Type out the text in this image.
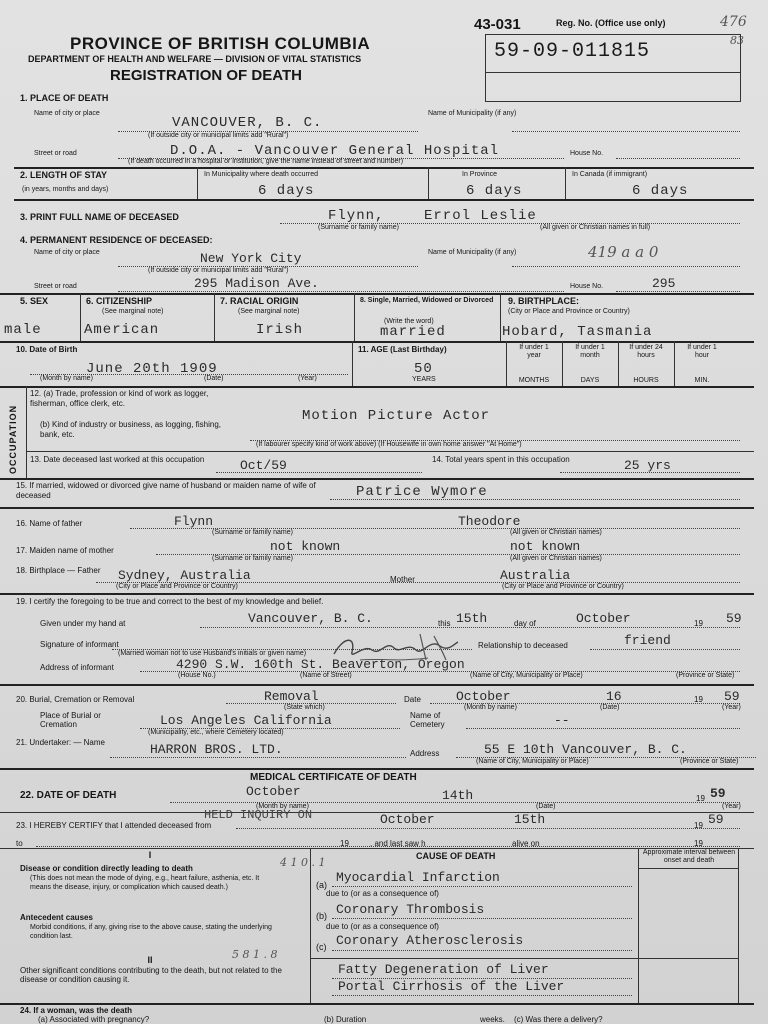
PROVINCE OF BRITISH COLUMBIA
DEPARTMENT OF HEALTH AND WELFARE — DIVISION OF VITAL STATISTICS
REGISTRATION OF DEATH
43-031	Reg. No. (Office use only)	476
83
59-09-011815
1. PLACE OF DEATH
Name of city or place
VANCOUVER, B. C.
(If outside city or municipal limits add "Rural")
Name of Municipality (if any)
Street or road	D.O.A. - Vancouver General Hospital
(If death occurred in a hospital or institution, give the name instead of street and number)
House No.
2. LENGTH OF STAY
(in years, months and days)
In Municipality where death occurred
6 days
In Province
6 days
In Canada (if immigrant)
6 days
3. PRINT FULL NAME OF DECEASED	Flynn,	Errol Leslie
(Surname or family name)	(All given or Christian names in full)
4. PERMANENT RESIDENCE OF DECEASED:
Name of city or place	New York City
(If outside city or municipal limits add "Rural")
Name of Municipality (if any)	419 a a 0
Street or road	295 Madison Ave.	House No.	295
5. SEX
male
6. CITIZENSHIP
(See marginal note)
American
7. RACIAL ORIGIN
(See marginal note)
Irish
8. Single, Married, Widowed or Divorced
(Write the word)
married
9. BIRTHPLACE:
(City or Place and Province or Country)
Hobard, Tasmania
10. Date of Birth
June 20th 1909
(Month by name)	(Date)	(Year)
11. AGE (Last Birthday)
50
YEARS
If under 1 year
If under 1 month
If under 24 hours
If under 1 hour
MONTHS	DAYS	HOURS	MIN.
OCCUPATION
12. (a) Trade, profession or kind of work as logger, fisherman, office clerk, etc.
(b) Kind of industry or business, as logging, fishing, bank, etc.
Motion Picture Actor
(If labourer specify kind of work above) (If Housewife in own home answer "At Home")
13. Date deceased last worked at this occupation	Oct/59	14. Total years spent in this occupation	25 yrs
15. If married, widowed or divorced give name of husband or maiden name of wife of deceased	Patrice Wymore
16. Name of father	Flynn	Theodore
(Surname or family name)	(All given or Christian names)
17. Maiden name of mother	not known	not known
(Surname or family name)	(All given or Christian names)
18. Birthplace — Father	Sydney, Australia	Mother	Australia
(City or Place and Province or Country)	(City or Place and Province or Country)
19. I certify the foregoing to be true and correct to the best of my knowledge and belief.
Given under my hand at	Vancouver, B. C.	this 15th	day of	October	19 59
Signature of informant
(Married woman not to use Husband's initials or given name)
Relationship to deceased	friend
Address of informant	4290 S.W. 160th St. Beaverton, Oregon
(House No.)	(Name of Street)	(Name of City, Municipality or Place)	(Province or State)
20. Burial, Cremation or Removal	Removal
(State which)
Date	October	16	19 59
(Month by name)	(Date)	(Year)
Place of Burial or Cremation	Los Angeles California
(Municipality, etc., where Cemetery located)
Name of Cemetery	--
21. Undertaker: — Name	HARRON BROS. LTD.	Address	55 E 10th Vancouver, B. C.
(Name of City, Municipality or Place)	(Province or State)
MEDICAL CERTIFICATE OF DEATH
22. DATE OF DEATH	October	14th	19 59
(Month by name)	(Date)	(Year)
23. I HEREBY CERTIFY that I attended deceased from
HELD INQUIRY ON	October	15th	19 59
to	19	, and last saw h	alive on	19
I	CAUSE OF DEATH	Approximate interval between onset and death
Disease or condition directly leading to death
(This does not mean the mode of dying, e.g., heart failure, asthenia, etc. It means the disease, injury, or complication which caused death.)
Antecedent causes
Morbid conditions, if any, giving rise to the above cause, stating the underlying condition last.
II
Other significant conditions contributing to the death, but not related to the disease or condition causing it.
4 1 0 . 1
5 8 1 . 8
(a) Myocardial Infarction
due to (or as a consequence of)
(b) Coronary Thrombosis
due to (or as a consequence of)
(c) Coronary Atherosclerosis
Fatty Degeneration of Liver
Portal Cirrhosis of the Liver
24. If a woman, was the death
(a) Associated with pregnancy?	(b) Duration	weeks. (c) Was there a delivery?
